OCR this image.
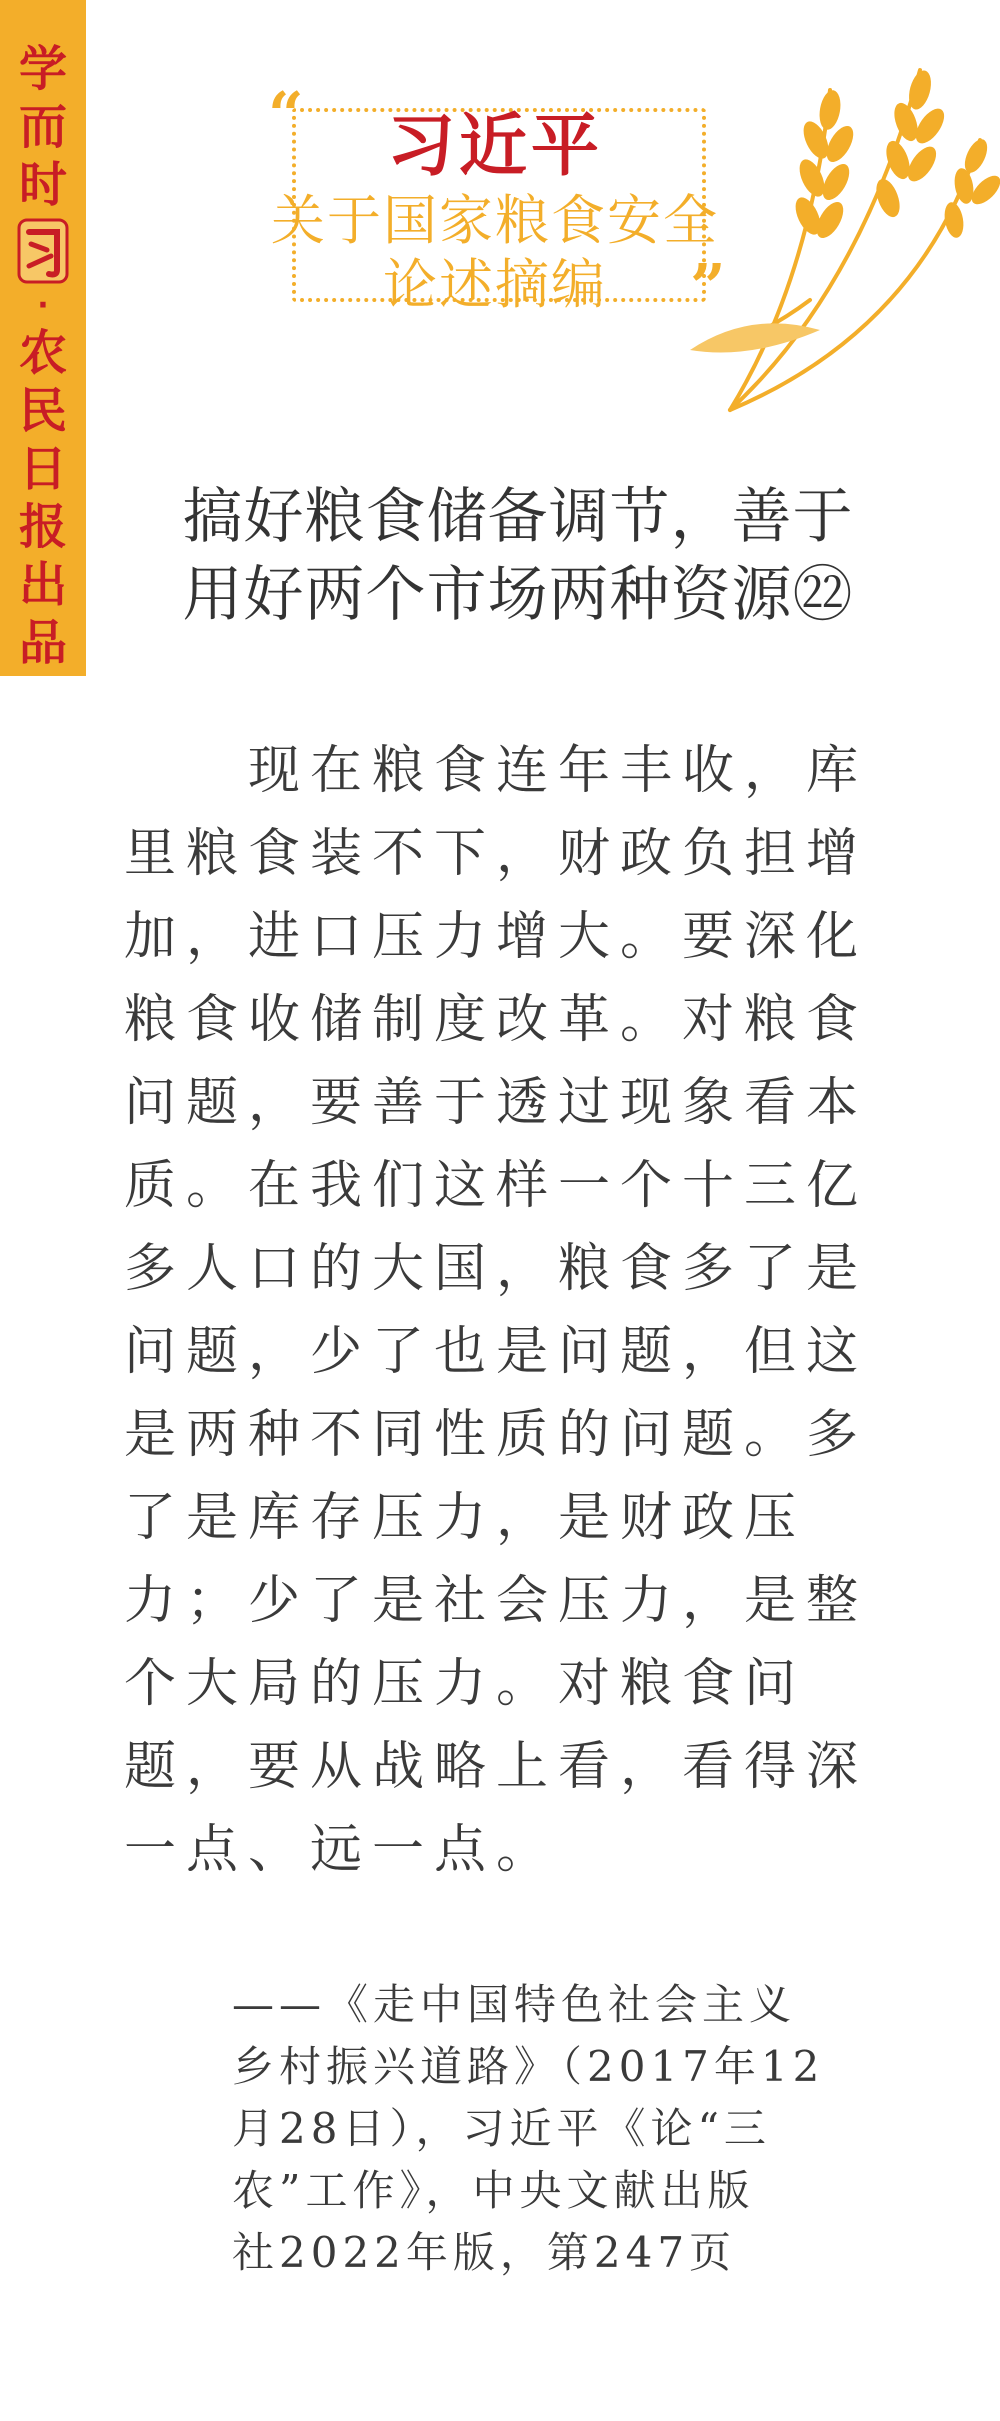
学
而
时
·
农
民
日
报
出
品
“
”
习近平
关于国家粮食安全
论述摘编
搞好粮食储备调节，善于
用好两个市场两种资源㉒
　　现在粮食连年丰收，库
里粮食装不下，财政负担增
加，进口压力增大。要深化
粮食收储制度改革。对粮食
问题，要善于透过现象看本
质。在我们这样一个十三亿
多人口的大国，粮食多了是
问题，少了也是问题，但这
是两种不同性质的问题。多
了是库存压力，是财政压
力；少了是社会压力，是整
个大局的压力。对粮食问
题，要从战略上看，看得深
一点、远一点。
——《走中国特色社会主义
乡村振兴道路》（2017年12
月28日），习近平《论“三
农”工作》，中央文献出版
社2022年版，第247页
